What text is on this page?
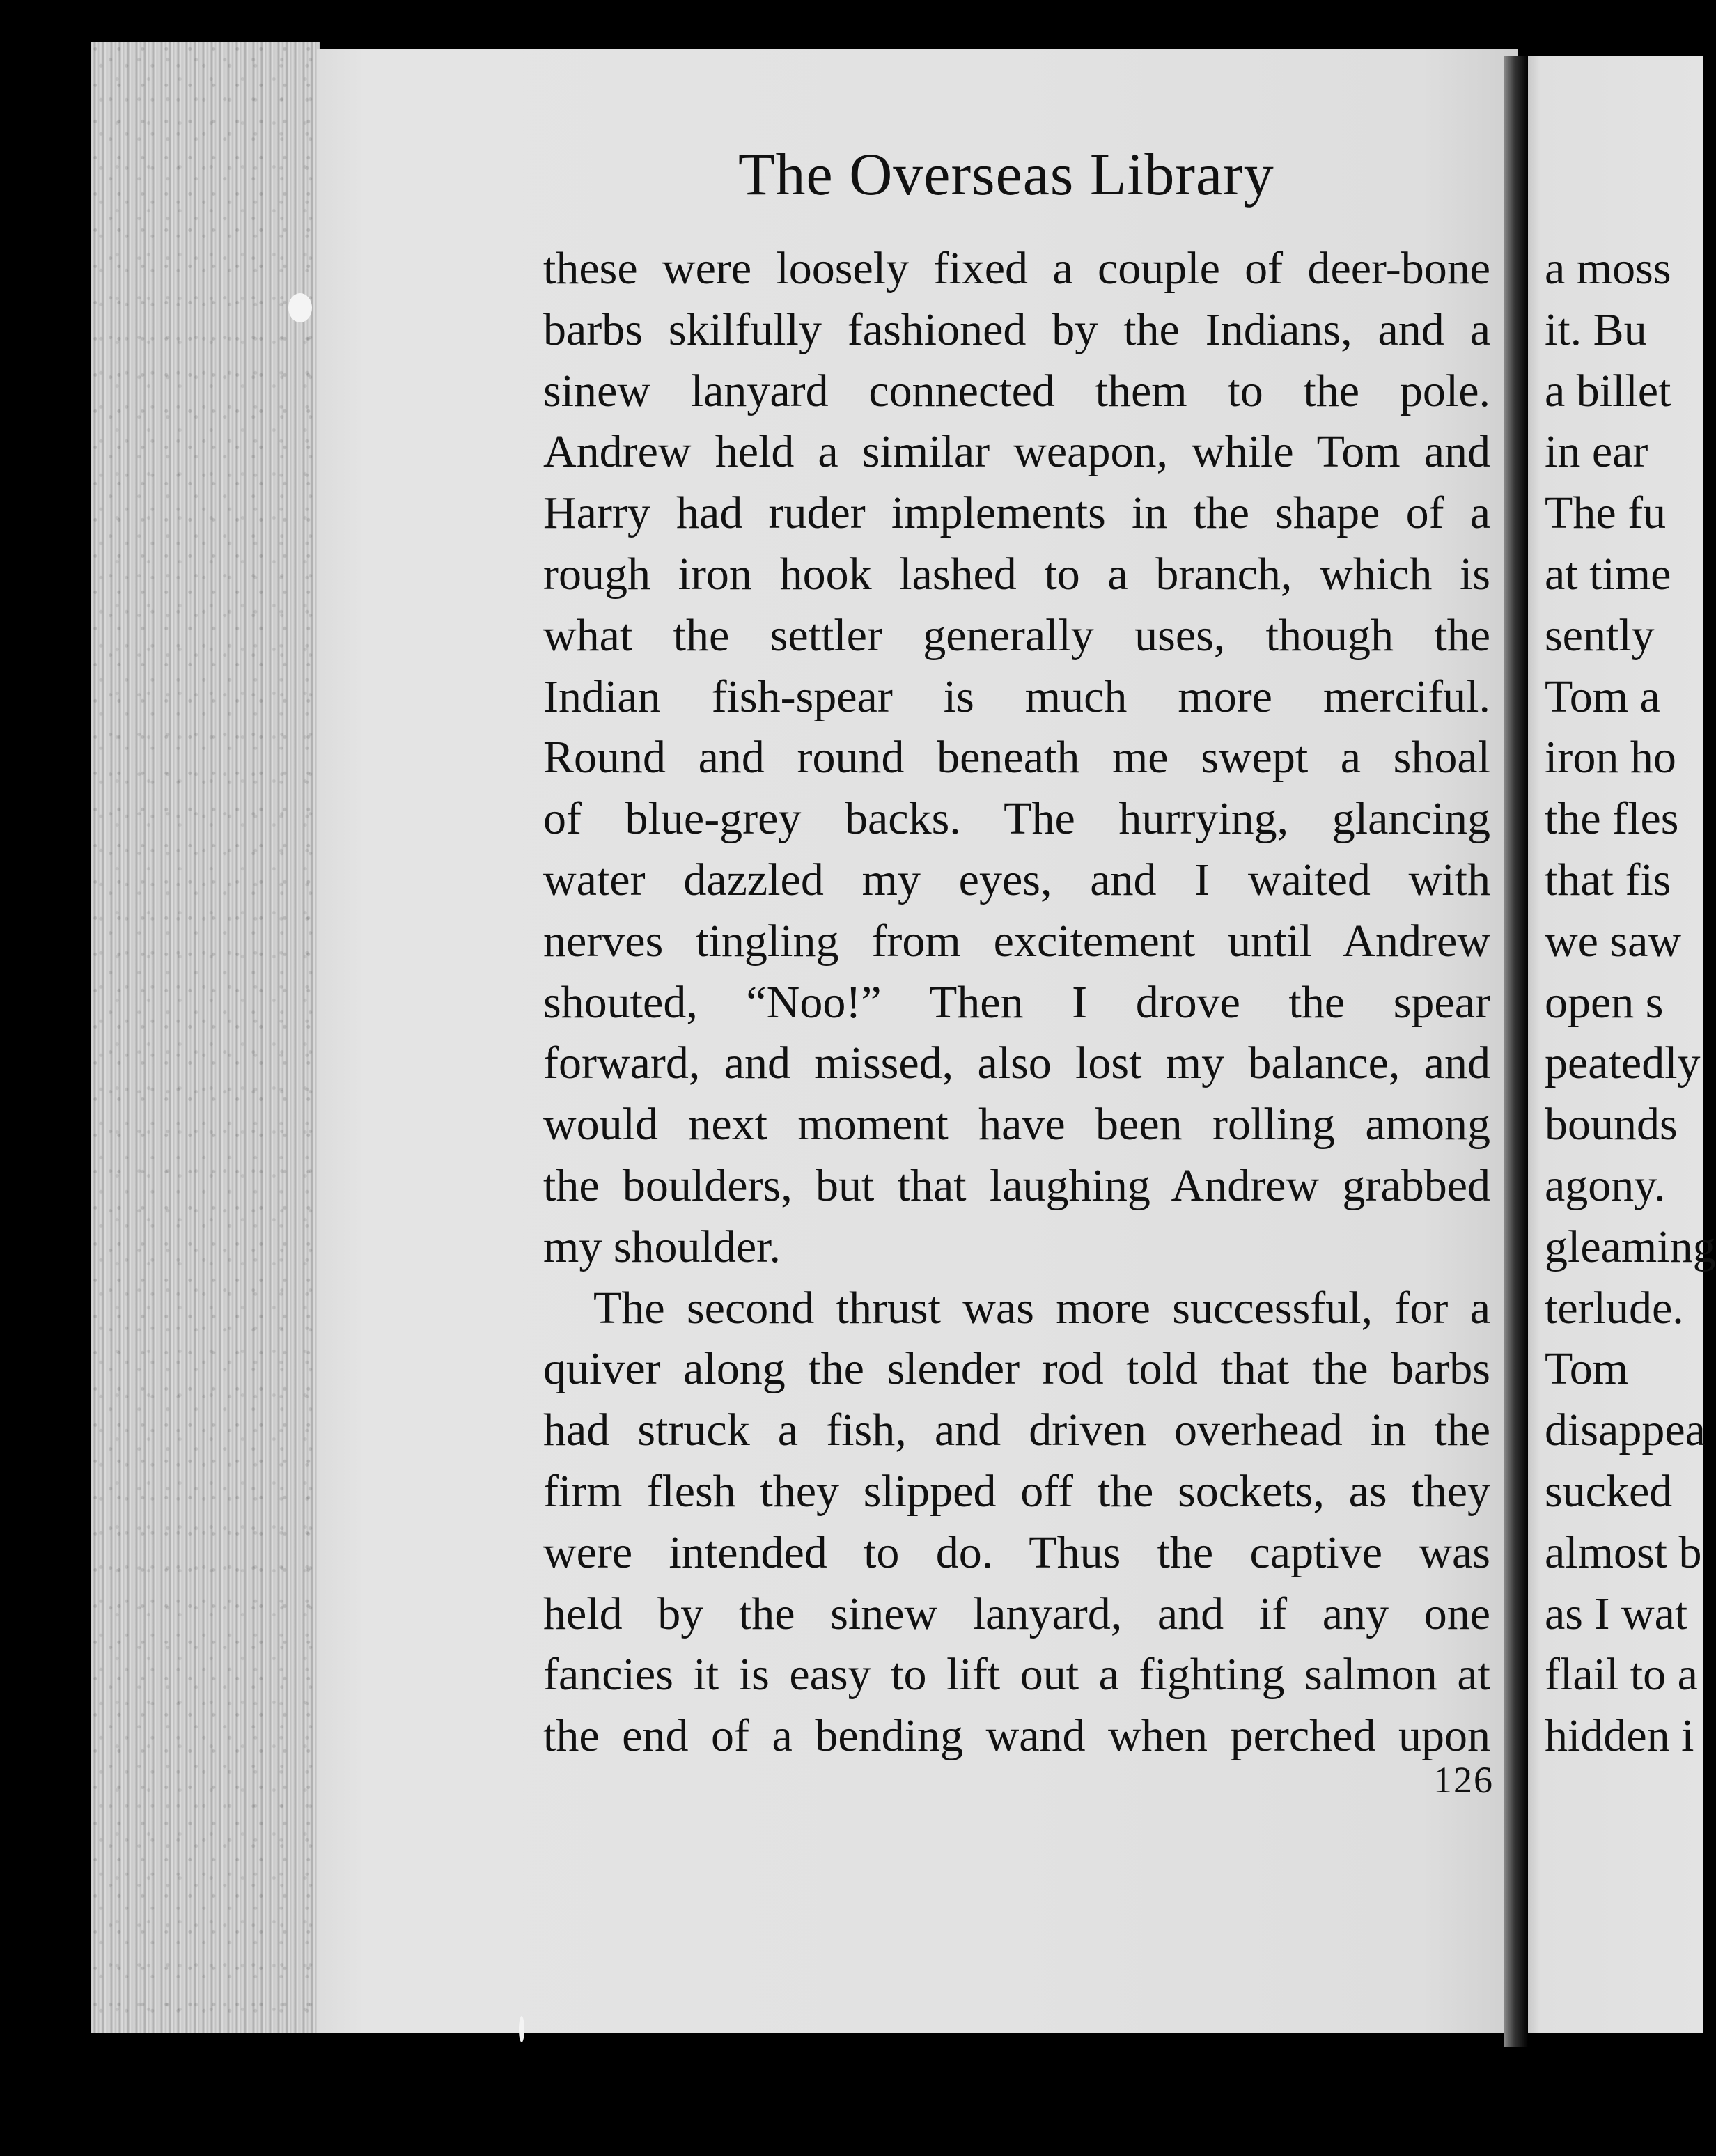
The Overseas Library
these were loosely fixed a couple of deer-bone
barbs skilfully fashioned by the Indians, and a
sinew lanyard connected them to the pole.
Andrew held a similar weapon, while Tom and
Harry had ruder implements in the shape of a
rough iron hook lashed to a branch, which is
what the settler generally uses, though the
Indian fish-spear is much more merciful.
Round and round beneath me swept a shoal
of blue-grey backs. The hurrying, glancing
water dazzled my eyes, and I waited with
nerves tingling from excitement until Andrew
shouted, “Noo!” Then I drove the spear
forward, and missed, also lost my balance, and
would next moment have been rolling among
the boulders, but that laughing Andrew grabbed
my shoulder.
The second thrust was more successful, for a
quiver along the slender rod told that the barbs
had struck a fish, and driven overhead in the
firm flesh they slipped off the sockets, as they
were intended to do. Thus the captive was
held by the sinew lanyard, and if any one
fancies it is easy to lift out a fighting salmon at
the end of a bending wand when perched upon
126
a moss
it. Bu
a billet
in ear
The fu
at time
sently
Tom a
iron ho
the fles
that fis
we saw
open s
peatedly
bounds
agony.
gleaming
terlude.
Tom
disappea
sucked
almost b
as I wat
flail to a
hidden i
